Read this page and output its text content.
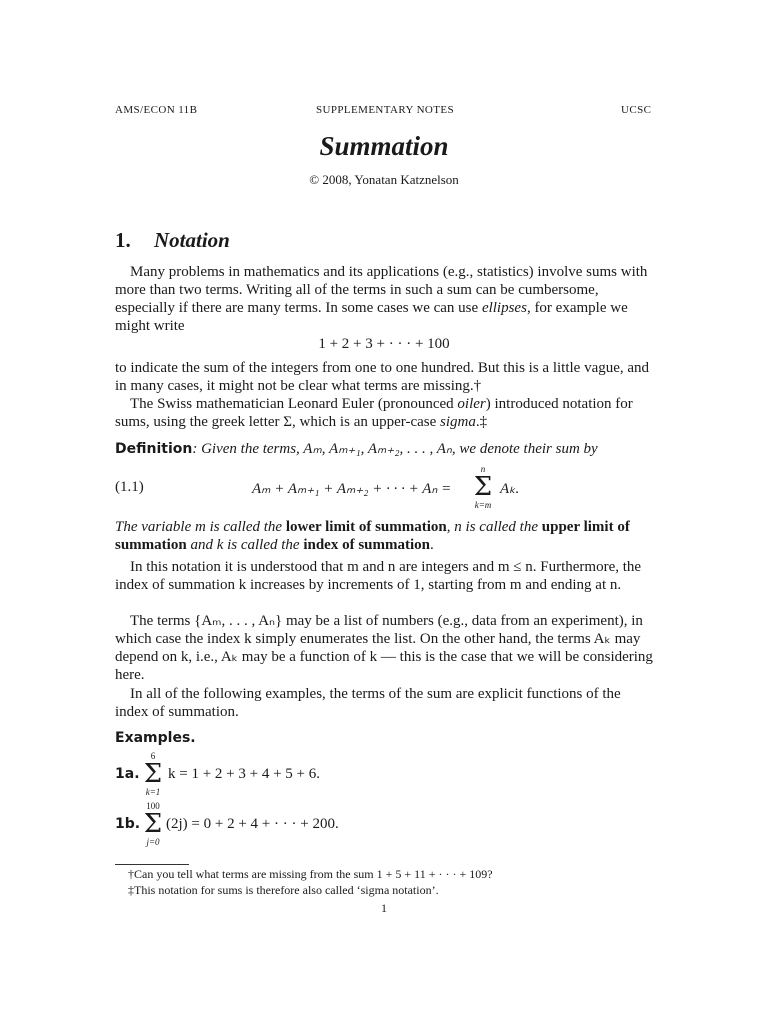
AMS/ECON 11B	SUPPLEMENTARY NOTES	UCSC
Summation
© 2008, Yonatan Katznelson
1. Notation

Many problems in mathematics and its applications (e.g., statistics) involve sums with more than two terms. Writing all of the terms in such a sum can be cumbersome, especially if there are many terms. In some cases we can use ellipses, for example we might write

1 + 2 + 3 + · · · + 100

to indicate the sum of the integers from one to one hundred. But this is a little vague, and in many cases, it might not be clear what terms are missing.†

The Swiss mathematician Leonard Euler (pronounced oiler) introduced notation for sums, using the greek letter Σ, which is an upper-case sigma.‡

Definition: Given the terms, Aₘ, Aₘ₊₁, Aₘ₊₂, . . . , Aₙ, we denote their sum by

(1.1)	Aₘ + Aₘ₊₁ + Aₘ₊₂ + · · · + Aₙ =
n
Σ
k=m
Aₖ.

The variable m is called the lower limit of summation, n is called the upper limit of summation and k is called the index of summation.

In this notation it is understood that m and n are integers and m ≤ n. Furthermore, the index of summation k increases by increments of 1, starting from m and ending at n.

The terms {Aₘ, . . . , Aₙ} may be a list of numbers (e.g., data from an experiment), in which case the index k simply enumerates the list. On the other hand, the terms Aₖ may depend on k, i.e., Aₖ may be a function of k — this is the case that we will be considering here.

In all of the following examples, the terms of the sum are explicit functions of the index of summation.

Examples.
1a.
6
Σ
k=1
k = 1 + 2 + 3 + 4 + 5 + 6.
1b.
100
Σ
j=0
(2j) = 0 + 2 + 4 + · · · + 200.
†Can you tell what terms are missing from the sum 1 + 5 + 11 + · · · + 109?
‡This notation for sums is therefore also called ‘sigma notation’.
1
